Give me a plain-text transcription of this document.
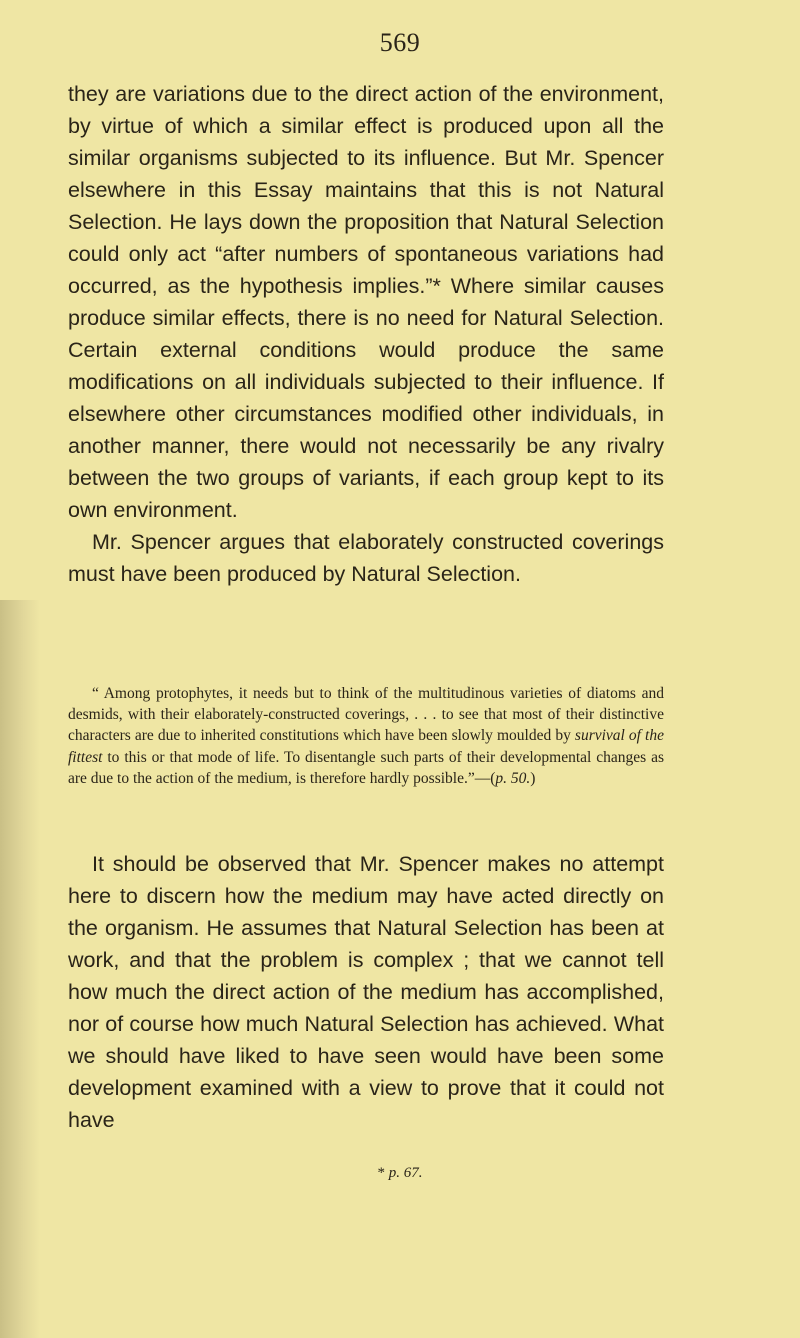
569

they are variations due to the direct action of the environment, by virtue of which a similar effect is produced upon all the similar organisms subjected to its influence. But Mr. Spencer elsewhere in this Essay maintains that this is not Natural Selection. He lays down the proposition that Natural Selection could only act “after numbers of spontaneous variations had occurred, as the hypothesis implies.”* Where similar causes produce similar effects, there is no need for Natural Selection. Certain external conditions would produce the same modifications on all individuals subjected to their influence. If elsewhere other circumstances modified other individuals, in another manner, there would not necessarily be any rivalry between the two groups of variants, if each group kept to its own environment.

Mr. Spencer argues that elaborately constructed coverings must have been produced by Natural Selection.

“ Among protophytes, it needs but to think of the multitudinous varieties of diatoms and desmids, with their elaborately-constructed coverings, . . . to see that most of their distinctive characters are due to inherited constitutions which have been slowly moulded by survival of the fittest to this or that mode of life. To disentangle such parts of their developmental changes as are due to the action of the medium, is therefore hardly possible.”—(p. 50.)
It should be observed that Mr. Spencer makes no attempt here to discern how the medium may have acted directly on the organism. He assumes that Natural Selection has been at work, and that the problem is complex ; that we cannot tell how much the direct action of the medium has accomplished, nor of course how much Natural Selection has achieved. What we should have liked to have seen would have been some development examined with a view to prove that it could not have
* p. 67.
